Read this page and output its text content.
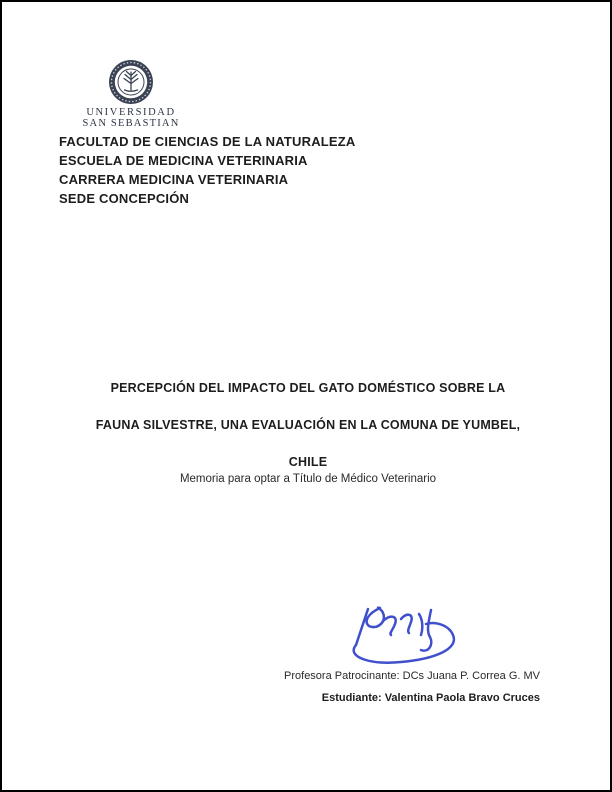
UNIVERSIDAD
SAN SEBASTIAN
FACULTAD DE CIENCIAS DE LA NATURALEZA
ESCUELA DE MEDICINA VETERINARIA
CARRERA MEDICINA VETERINARIA
SEDE CONCEPCIÓN
PERCEPCIÓN DEL IMPACTO DEL GATO DOMÉSTICO SOBRE LA
FAUNA SILVESTRE, UNA EVALUACIÓN EN LA COMUNA DE YUMBEL,
CHILE
Memoria para optar a Título de Médico Veterinario
Profesora Patrocinante: DCs Juana P. Correa G. MV
Estudiante: Valentina Paola Bravo Cruces
